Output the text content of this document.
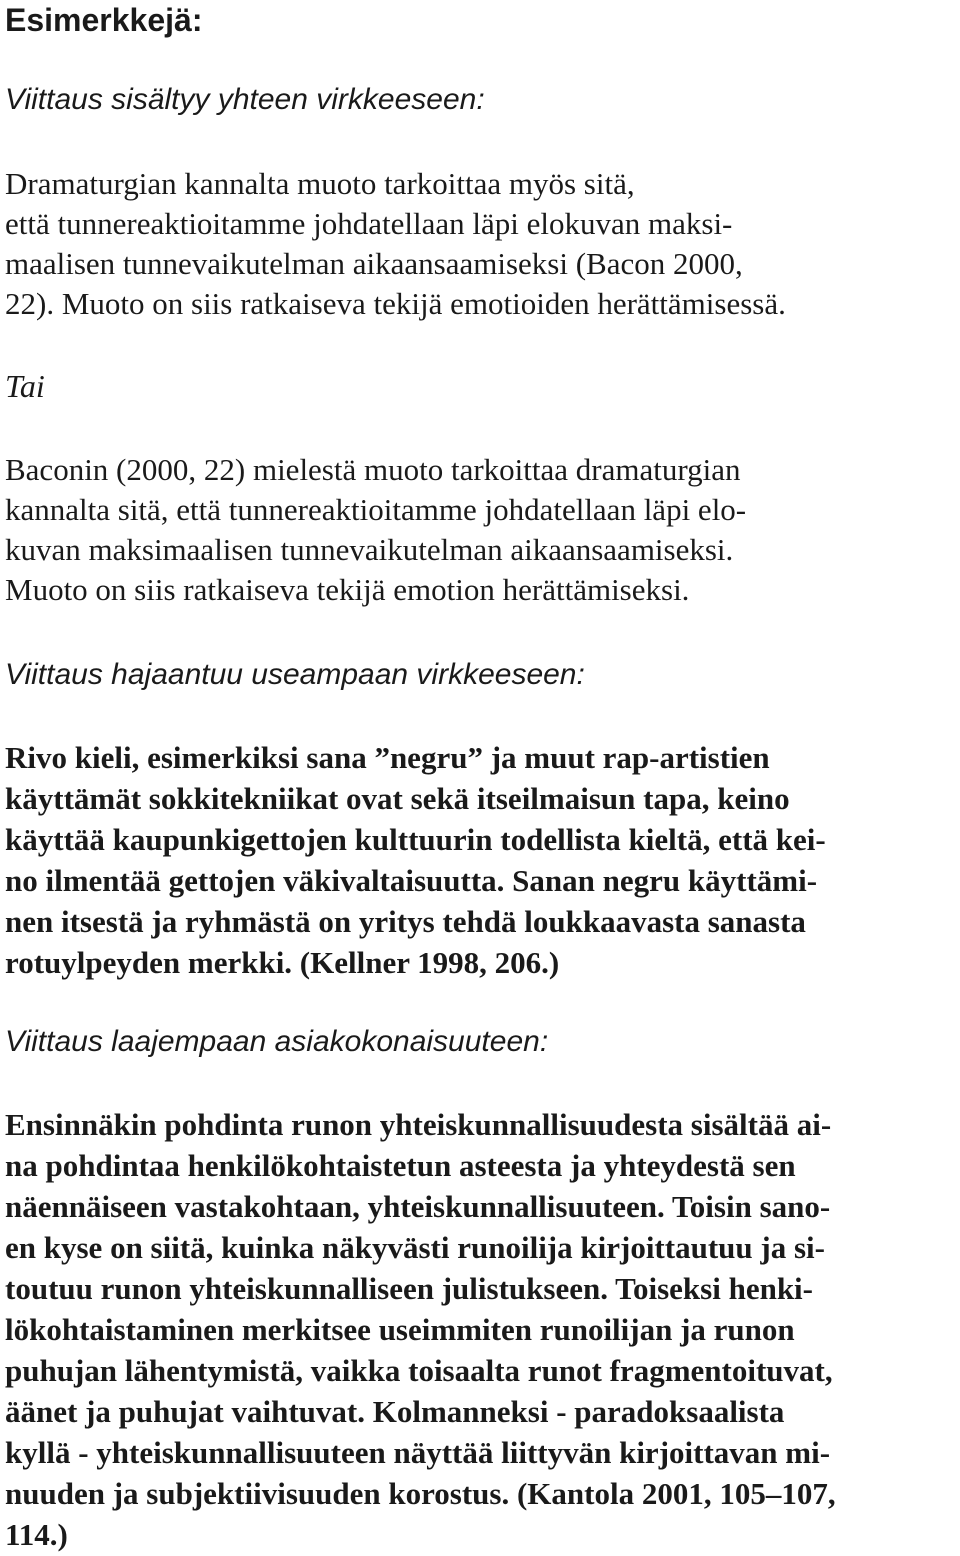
Esimerkkejä:

Viittaus sisältyy yhteen virkkeeseen:

Dramaturgian kannalta muoto tarkoittaa myös sitä,
että tunnereaktioitamme johdatellaan läpi elokuvan maksi-
maalisen tunnevaikutelman aikaansaamiseksi (Bacon 2000,
22). Muoto on siis ratkaiseva tekijä emotioiden herättämisessä.

Tai

Baconin (2000, 22) mielestä muoto tarkoittaa dramaturgian
kannalta sitä, että tunnereaktioitamme johdatellaan läpi elo-
kuvan maksimaalisen tunnevaikutelman aikaansaamiseksi.
Muoto on siis ratkaiseva tekijä emotion herättämiseksi.

Viittaus hajaantuu useampaan virkkeeseen:

Rivo kieli, esimerkiksi sana ”negru” ja muut rap-artistien
käyttämät sokkitekniikat ovat sekä itseilmaisun tapa, keino
käyttää kaupunkigettojen kulttuurin todellista kieltä, että kei-
no ilmentää gettojen väkivaltaisuutta. Sanan negru käyttämi-
nen itsestä ja ryhmästä on yritys tehdä loukkaavasta sanasta
rotuylpeyden merkki. (Kellner 1998, 206.)

Viittaus laajempaan asiakokonaisuuteen:

Ensinnäkin pohdinta runon yhteiskunnallisuudesta sisältää ai-
na pohdintaa henkilökohtaistetun asteesta ja yhteydestä sen
näennäiseen vastakohtaan, yhteiskunnallisuuteen. Toisin sano-
en kyse on siitä, kuinka näkyvästi runoilija kirjoittautuu ja si-
toutuu runon yhteiskunnalliseen julistukseen. Toiseksi henki-
lökohtaistaminen merkitsee useimmiten runoilijan ja runon
puhujan lähentymistä, vaikka toisaalta runot fragmentoituvat,
äänet ja puhujat vaihtuvat. Kolmanneksi - paradoksaalista
kyllä - yhteiskunnallisuuteen näyttää liittyvän kirjoittavan mi-
nuuden ja subjektiivisuuden korostus. (Kantola 2001, 105–107,
114.)
